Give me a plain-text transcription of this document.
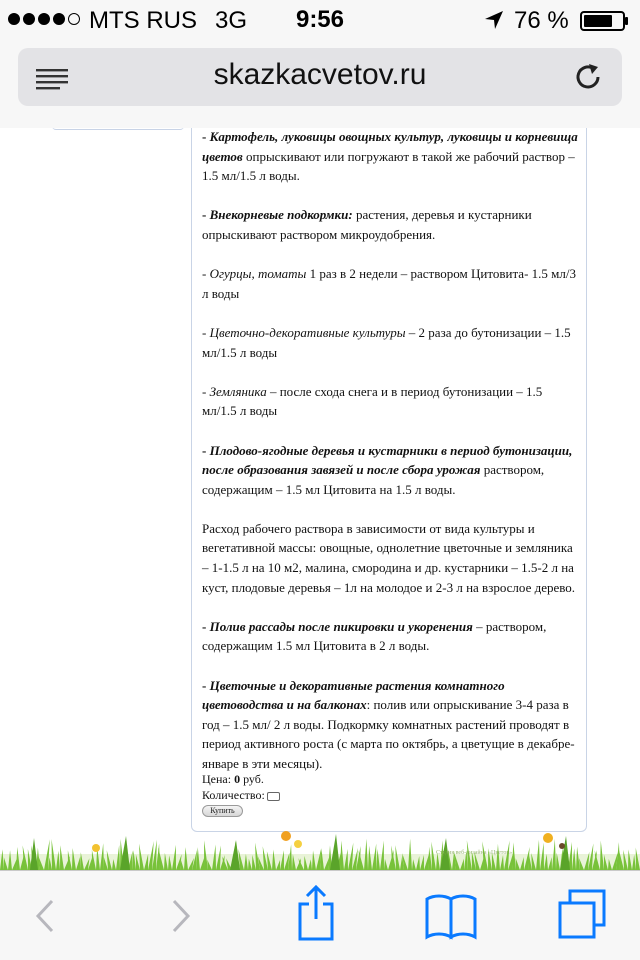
MTS RUS 3G	9:56	76 %
skazkacvetov.ru
- Картофель, луковицы овощных культур, луковицы и корневища цветов опрыскивают или погружают в такой же рабочий раствор – 1.5 мл/1.5 л воды.
- Внекорневые подкормки: растения, деревья и кустарники опрыскивают раствором микроудобрения.
- Огурцы, томаты 1 раз в 2 недели – раствором Цитовита- 1.5 мл/3 л воды
- Цветочно-декоративные культуры – 2 раза до бутонизации – 1.5 мл/1.5 л воды
- Земляника – после схода снега и в период бутонизации – 1.5 мл/1.5 л воды
- Плодово-ягодные деревья и кустарники в период бутонизации, после образования завязей и после сбора урожая раствором, содержащим – 1.5 мл Цитовита на 1.5 л воды.
Расход рабочего раствора в зависимости от вида культуры и вегетативной массы: овощные, однолетние цветочные и земляника – 1-1.5 л на 10 м2, малина, смородина и др. кустарники – 1.5-2 л на куст, плодовые деревья – 1л на молодое и 2-3 л на взрослое дерево.
- Полив рассады после пикировки и укоренения – раствором, содержащим 1.5 мл Цитовита в 2 л воды.
- Цветочные и декоративные растения комнатного цветоводства и на балконах: полив или опрыскивание 3-4 раза в год – 1.5 мл/ 2 л воды. Подкормку комнатных растений проводят в период активного роста (с марта по октябрь, а цветущие в декабре-январе в эти месяцы).
Цена: 0 руб.
Количество:
Купить
Студия веб-дизайна «Цветов»
